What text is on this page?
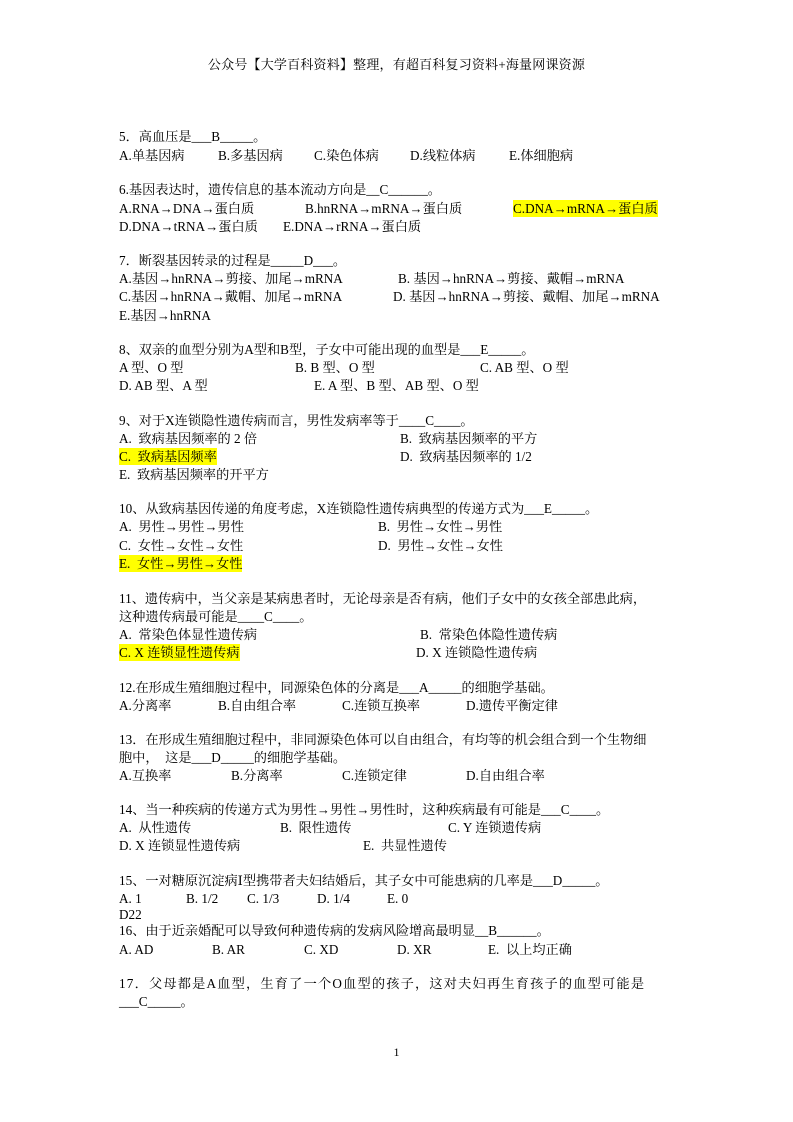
公众号【大学百科资料】整理，有超百科复习资料+海量网课资源
5．高血压是___B_____。
A.单基因病	B.多基因病 C.染色体病 D.线粒体病	E.体细胞病
6.基因表达时，遗传信息的基本流动方向是__C______。
A.RNA→DNA→蛋白质	B.hnRNA→mRNA→蛋白质	C.DNA→mRNA→蛋白质
D.DNA→tRNA→蛋白质 E.DNA→rRNA→蛋白质
7．断裂基因转录的过程是_____D___。
A.基因→hnRNA→剪接、加尾→mRNA	B. 基因→hnRNA→剪接、戴帽→mRNA
C.基因→hnRNA→戴帽、加尾→mRNA	D. 基因→hnRNA→剪接、戴帽、加尾→mRNA
E.基因→hnRNA
8、双亲的血型分别为A型和B型，子女中可能出现的血型是___E_____。
A 型、O 型	B. B 型、O 型	C. AB 型、O 型
D. AB 型、A 型	E. A 型、B 型、AB 型、O 型
9、对于X连锁隐性遗传病而言，男性发病率等于____C____。
A.  致病基因频率的 2 倍	B.  致病基因频率的平方
C.  致病基因频率	D.  致病基因频率的 1/2
E.  致病基因频率的开平方
10、从致病基因传递的角度考虑，X连锁隐性遗传病典型的传递方式为___E_____。
A.  男性→男性→男性	B.  男性→女性→男性
C.  女性→女性→女性	D.  男性→女性→女性
E.  女性→男性→女性
11、遗传病中，当父亲是某病患者时，无论母亲是否有病，他们子女中的女孩全部患此病，
这种遗传病最可能是____C____。
A.  常染色体显性遗传病	B.  常染色体隐性遗传病
C. X 连锁显性遗传病	D. X 连锁隐性遗传病
12.在形成生殖细胞过程中，同源染色体的分离是___A_____的细胞学基础。
A.分离率	B.自由组合率	C.连锁互换率	D.遗传平衡定律
13．在形成生殖细胞过程中，非同源染色体可以自由组合，有均等的机会组合到一个生物细
胞中，  这是___D_____的细胞学基础。
A.互换率	B.分离率	C.连锁定律	D.自由组合率
14、当一种疾病的传递方式为男性→男性→男性时，这种疾病最有可能是___C____。
A.  从性遗传	B.  限性遗传	C. Y 连锁遗传病
D. X 连锁显性遗传病	E.  共显性遗传
15、一对糖原沉淀病Ⅰ型携带者夫妇结婚后，其子女中可能患病的几率是___D_____。
A. 1	B. 1/2 C. 1/3	D. 1/4	E. 0
D22
16、由于近亲婚配可以导致何种遗传病的发病风险增高最明显__B______。
A. AD	B. AR	C. XD	D. XR	E.  以上均正确
17．父母都是A血型，生育了一个O血型的孩子，这对夫妇再生育孩子的血型可能是
___C_____。
1
